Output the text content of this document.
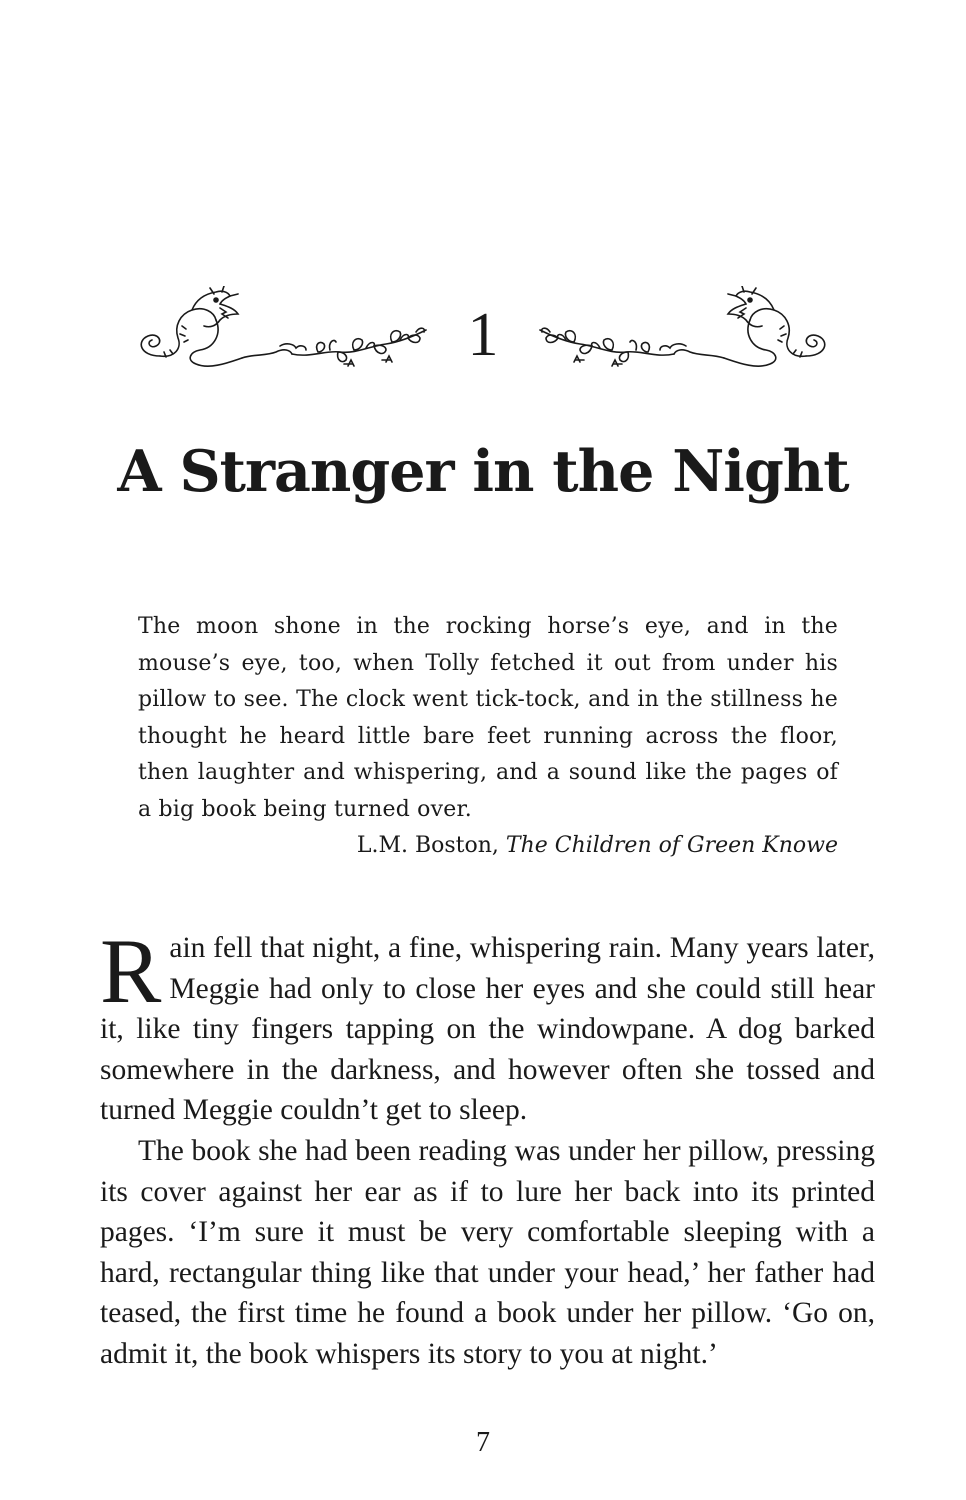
1
A Stranger in the Night

The moon shone in the rocking horse’s eye, and in the mouse’s eye, too, when Tolly fetched it out from under his pillow to see. The clock went tick-tock, and in the stillness he thought he heard little bare feet running across the floor, then laughter and whispering, and a sound like the pages of a big book being turned over.

L.M. Boston, The Children of Green Knowe

Rain fell that night, a fine, whispering rain. Many years later, Meggie had only to close her eyes and she could still hear it, like tiny fingers tapping on the windowpane. A dog barked somewhere in the darkness, and however often she tossed and turned Meggie couldn’t get to sleep.

The book she had been reading was under her pillow, pressing its cover against her ear as if to lure her back into its printed pages. ‘I’m sure it must be very comfortable sleeping with a hard, rectangular thing like that under your head,’ her father had teased, the first time he found a book under her pillow. ‘Go on, admit it, the book whispers its story to you at night.’

7
